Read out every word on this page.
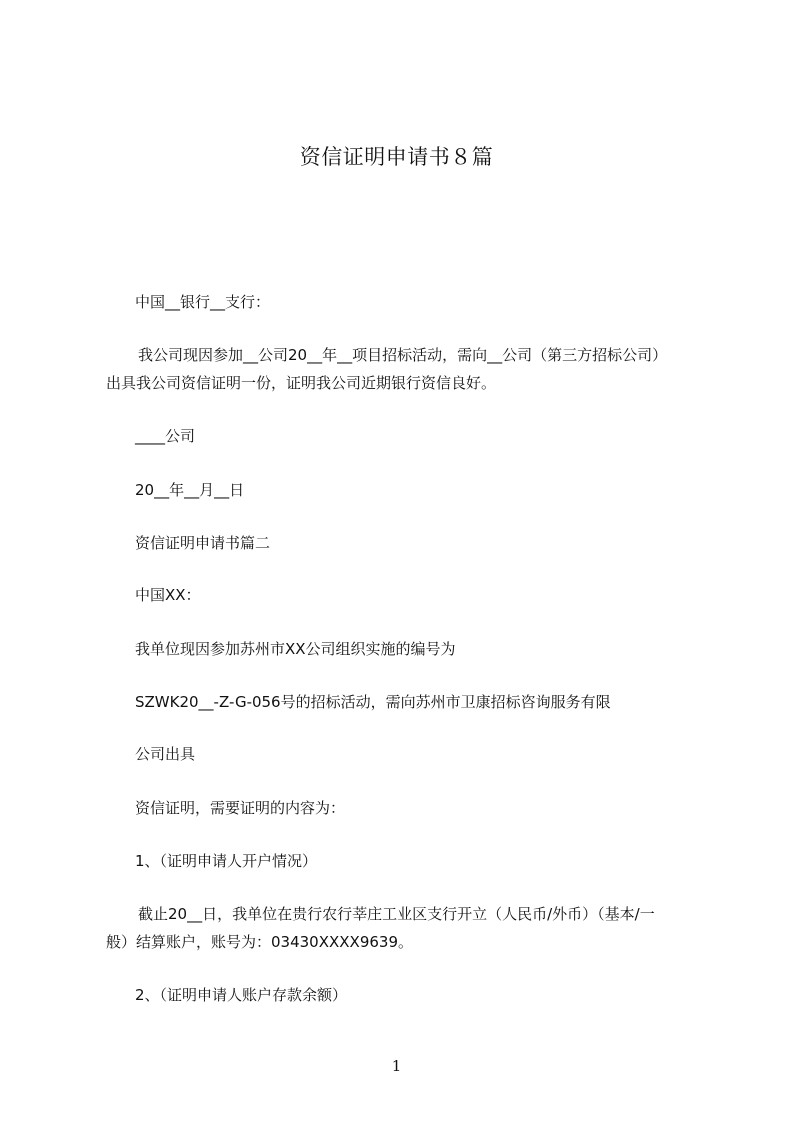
资信证明申请书８篇
中国__银行__支行：
我公司现因参加__公司20__年__项目招标活动，需向__公司（第三方招标公司）
出具我公司资信证明一份，证明我公司近期银行资信良好。
____公司
20__年__月__日
资信证明申请书篇二
中国XX：
我单位现因参加苏州市XX公司组织实施的编号为
SZWK20__-Z-G-056号的招标活动，需向苏州市卫康招标咨询服务有限
公司出具
资信证明，需要证明的内容为：
1、（证明申请人开户情况）
截止20__日，我单位在贵行农行莘庄工业区支行开立（人民币/外币）（基本/一
般）结算账户，账号为：03430XXXX9639。
2、（证明申请人账户存款余额）
1
